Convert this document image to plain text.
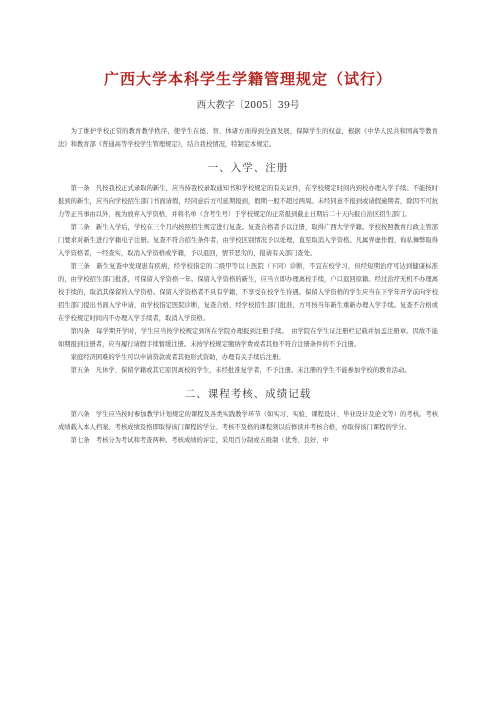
广西大学本科学生学籍管理规定（试行）
西大教字〔2005〕39号

为了维护学校正常的教育教学秩序，使学生在德、智、体诸方面得到全面发展，保障学生的权益，根据《中华人民共和国高等教育法》和教育部《普通高等学校学生管理规定》，结合我校情况，特制定本规定。

一、入学、注册

第一条　凡按我校正式录取的新生，应当持我校录取通知书和学校规定的有关证件，在学校规定时间内到校办理入学手续。不能按时报到的新生，应当向学校招生部门书面请假，经同意后方可延期报到，假期一般不超过两周。未经同意不报到或请假逾期者，除因不可抗力等正当事由以外，视为放弃入学资格，并将名单（含考生号）于学校规定的正常报到截止日期后二十天内报自治区招生部门。

第二条　新生入学后，学校在三个月内按照招生规定进行复查。复查合格者予以注册，取得广西大学学籍。学校按照教育行政主管部门要求对新生进行学籍电子注册。复查不符合招生条件者，由学校区别情况予以处理，直至取消入学资格。凡属弄虚作假、徇私舞弊取得入学资格者，一经查实，取消入学资格或学籍，予以退回，情节恶劣的，报请有关部门查处。

第三条　新生复查中发现患有疾病，经学校指定的二级甲等以上医院（下同）诊断，不宜在校学习，但经短期治疗可达到健康标准的，由学校招生部门批准，可保留入学资格一年。保留入学资格的新生，应当立即办理离校手续，户口退回原籍。经过治疗无机不办理离校手续的，取消其保留的入学资格。保留入学资格者不具有学籍，不享受在校学生待遇。保留入学资格的学生应当在下学年开学前向学校招生部门提出书面入学申请，由学校指定医院诊断，复查合格，经学校招生部门批准，方可按当年新生重新办理入学手续。复查不合格或在学校规定时间内不办理入学手续者，取消入学资格。

第四条　每学期开学时，学生应当按学校规定到所在学院办理报到注册手续。　由学院在学生证注册栏记载并加盖注册章。因故不能如期报到注册者，应当履行请假手续暂缓注册。未按学校规定缴纳学费或者其他不符合注册条件的不予注册。

家庭经济困难的学生可以申请贷款或者其他形式资助，办理有关手续后注册。

第五条　凡休学、保留学籍或其它原因离校的学生，未经批准复学者，不予注册。未注册的学生不能参加学校的教育活动。

二、课程考核、成绩记载

第六条　学生应当按时参加教学计划规定的课程及各类实践教学环节（如实习、实验、课程设计、毕业设计及论文等）的考核。考核成绩载入本人档案。考核成绩及格即取得该门课程的学分。考核不及格的课程须以后修读并考核合格，亦取得该门课程的学分。

第七条　考核分为考试和考查两种。考核成绩的评定，采用百分制或五级制（优秀、良好、中
